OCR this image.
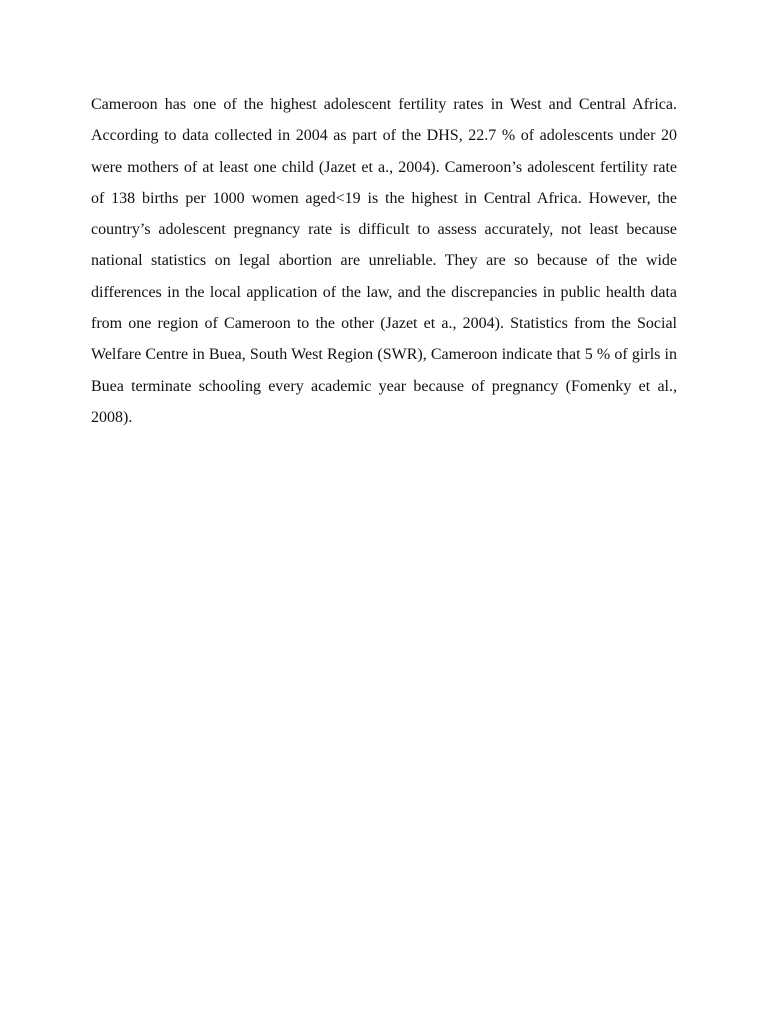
Cameroon has one of the highest adolescent fertility rates in West and Central Africa. According to data collected in 2004 as part of the DHS, 22.7 % of adolescents under 20 were mothers of at least one child (Jazet et a., 2004). Cameroon’s adolescent fertility rate of 138 births per 1000 women aged<19 is the highest in Central Africa. However, the country’s adolescent pregnancy rate is difficult to assess accurately, not least because national statistics on legal abortion are unreliable. They are so because of the wide differences in the local application of the law, and the discrepancies in public health data from one region of Cameroon to the other (Jazet et a., 2004). Statistics from the Social Welfare Centre in Buea, South West Region (SWR), Cameroon indicate that 5 % of girls in Buea terminate schooling every academic year because of pregnancy (Fomenky et al., 2008).
